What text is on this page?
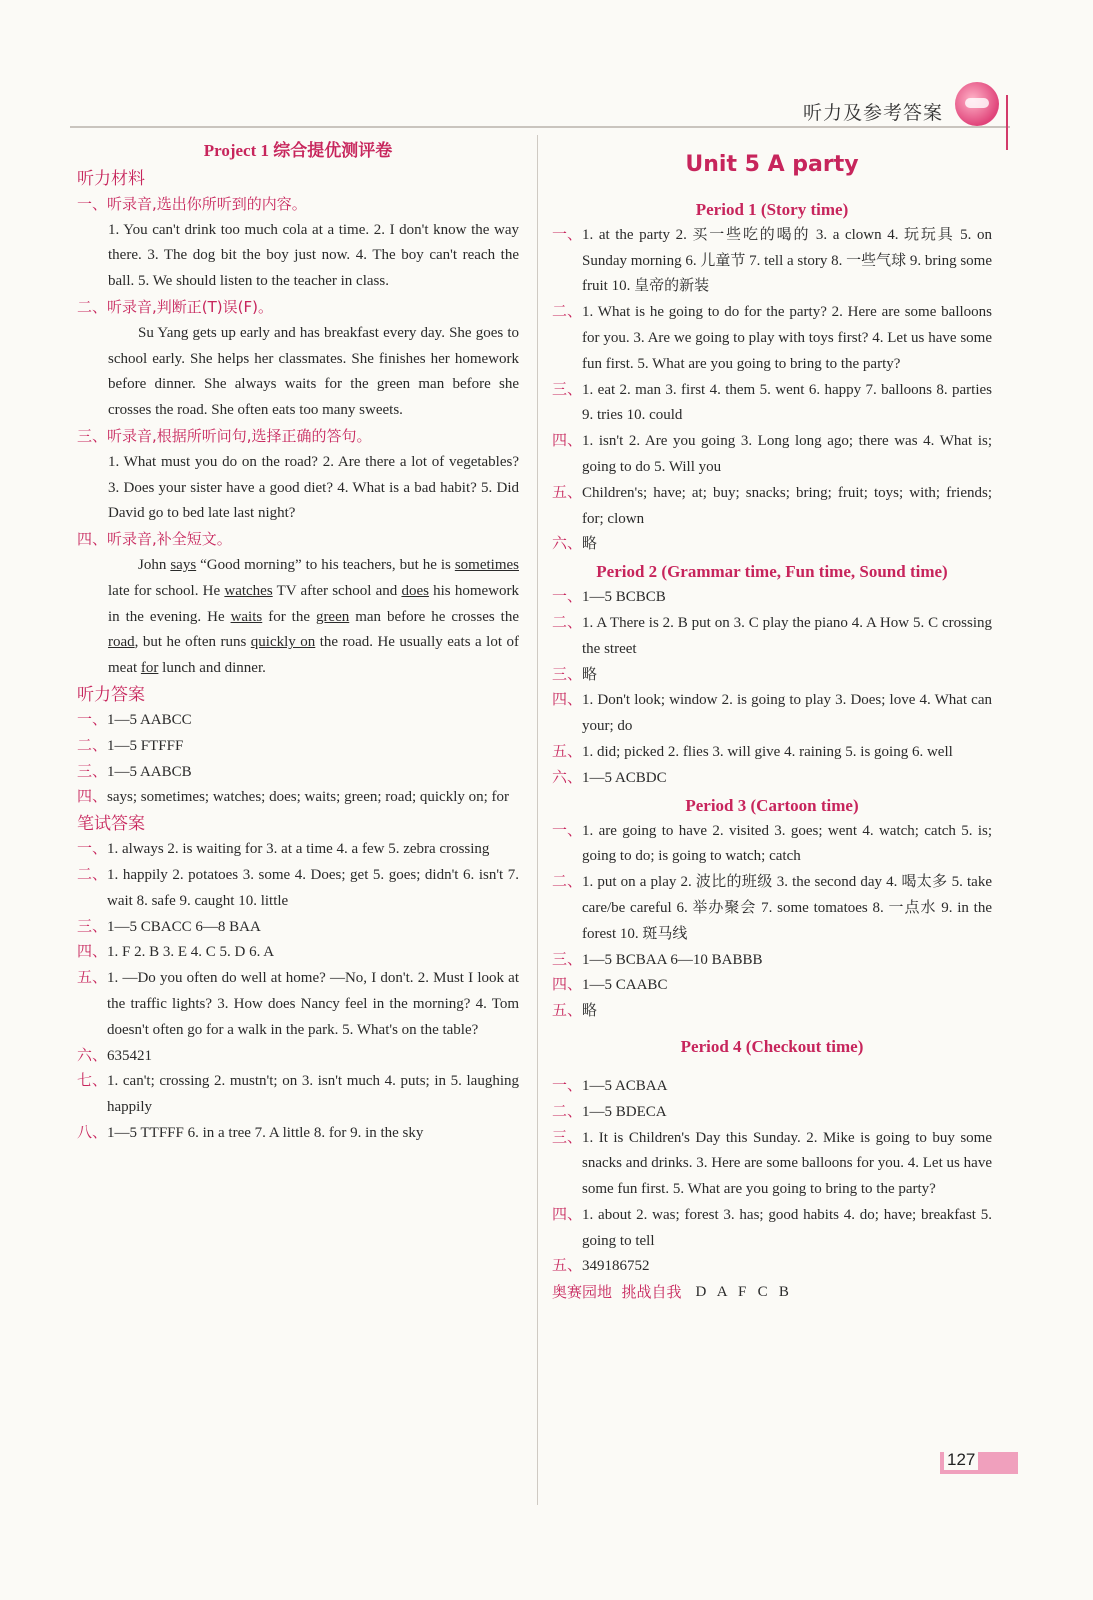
听力及参考答案
Project 1 综合提优测评卷
听力材料
一、听录音,选出你所听到的内容。
1. You can't drink too much cola at a time. 2. I don't know the way there. 3. The dog bit the boy just now. 4. The boy can't reach the ball. 5. We should listen to the teacher in class.
二、听录音,判断正(T)误(F)。
Su Yang gets up early and has breakfast every day. She goes to school early. She helps her classmates. She finishes her homework before dinner. She always waits for the green man before she crosses the road. She often eats too many sweets.
三、听录音,根据所听问句,选择正确的答句。
1. What must you do on the road? 2. Are there a lot of vegetables? 3. Does your sister have a good diet? 4. What is a bad habit? 5. Did David go to bed late last night?
四、听录音,补全短文。
John says “Good morning” to his teachers, but he is sometimes late for school. He watches TV after school and does his homework in the evening. He waits for the green man before he crosses the road, but he often runs quickly on the road. He usually eats a lot of meat for lunch and dinner.
听力答案
一、 1—5 AABCC
二、 1—5 FTFFF
三、 1—5 AABCB
四、 says; sometimes; watches; does; waits; green; road; quickly on; for
笔试答案
一、 1. always 2. is waiting for 3. at a time 4. a few 5. zebra crossing
二、 1. happily 2. potatoes 3. some 4. Does; get 5. goes; didn't 6. isn't 7. wait 8. safe 9. caught 10. little
三、 1—5 CBACC 6—8 BAA
四、 1. F 2. B 3. E 4. C 5. D 6. A
五、 1. —Do you often do well at home? —No, I don't. 2. Must I look at the traffic lights? 3. How does Nancy feel in the morning? 4. Tom doesn't often go for a walk in the park. 5. What's on the table?
六、 635421
七、 1. can't; crossing 2. mustn't; on 3. isn't much 4. puts; in 5. laughing happily
八、 1—5 TTFFF 6. in a tree 7. A little 8. for 9. in the sky
Unit 5 A party
Period 1 (Story time)
一、 1. at the party 2. 买一些吃的喝的 3. a clown 4. 玩玩具 5. on Sunday morning 6. 儿童节 7. tell a story 8. 一些气球 9. bring some fruit 10. 皇帝的新装
二、 1. What is he going to do for the party? 2. Here are some balloons for you. 3. Are we going to play with toys first? 4. Let us have some fun first. 5. What are you going to bring to the party?
三、 1. eat 2. man 3. first 4. them 5. went 6. happy 7. balloons 8. parties 9. tries 10. could
四、 1. isn't 2. Are you going 3. Long long ago; there was 4. What is; going to do 5. Will you
五、 Children's; have; at; buy; snacks; bring; fruit; toys; with; friends; for; clown
六、 略
Period 2 (Grammar time, Fun time, Sound time)
一、 1—5 BCBCB
二、 1. A There is 2. B put on 3. C play the piano 4. A How 5. C crossing the street
三、 略
四、 1. Don't look; window 2. is going to play 3. Does; love 4. What can your; do
五、 1. did; picked 2. flies 3. will give 4. raining 5. is going 6. well
六、 1—5 ACBDC
Period 3 (Cartoon time)
一、 1. are going to have 2. visited 3. goes; went 4. watch; catch 5. is; going to do; is going to watch; catch
二、 1. put on a play 2. 波比的班级 3. the second day 4. 喝太多 5. take care/be careful 6. 举办聚会 7. some tomatoes 8. 一点水 9. in the forest 10. 斑马线
三、 1—5 BCBAA 6—10 BABBB
四、 1—5 CAABC
五、 略
Period 4 (Checkout time)
一、 1—5 ACBAA
二、 1—5 BDECA
三、 1. It is Children's Day this Sunday. 2. Mike is going to buy some snacks and drinks. 3. Here are some balloons for you. 4. Let us have some fun first. 5. What are you going to bring to the party?
四、 1. about 2. was; forest 3. has; good habits 4. do; have; breakfast 5. going to tell
五、 349186752
奥赛园地  挑战自我 D   A   F   C   B
127
